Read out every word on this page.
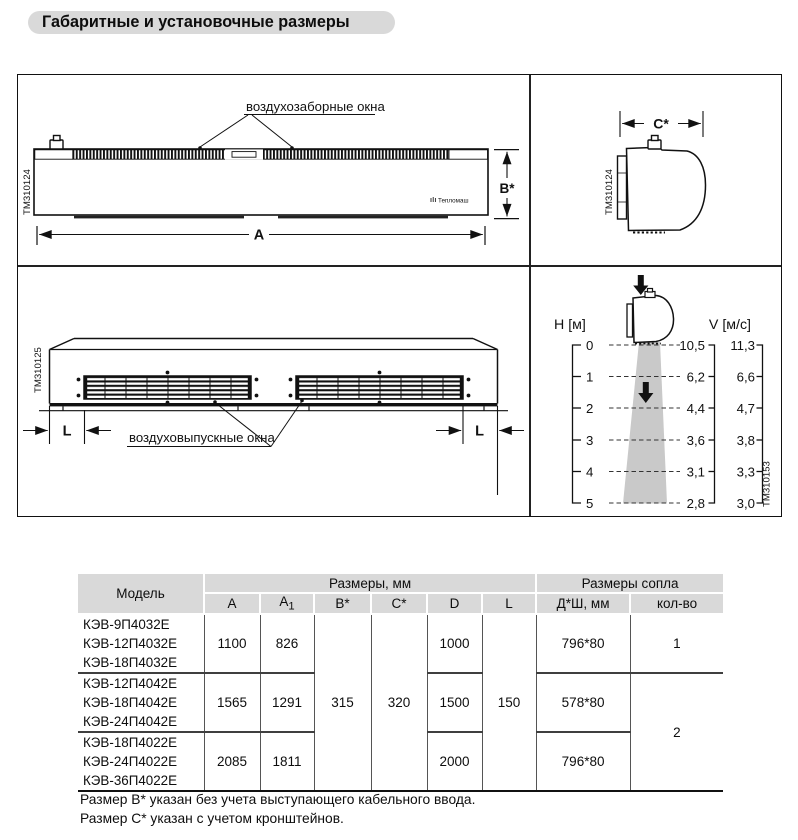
Габаритные и установочные размеры
воздухозаборные окна
Тепломаш
B*
A
ТМ310124
C*
ТМ310124
L	L
воздуховыпускные окна
ТМ310125
H [м]
0
1
2
3
4
5
10,5
6,2
4,4
3,6
3,1
2,8
V [м/с]
11,3
6,6
4,7
3,8
3,3
3,0 ТМ310153
Модель	Размеры, мм						Размеры сопла	
	A	$A_1$	B*	C*	D	L	Д*Ш, мм	кол-во

КЭВ-9П4032Е
КЭВ-12П4032Е
КЭВ-18П4032Е	1100	826	315	320	1000	150	796*80	1

КЭВ-12П4042Е
КЭВ-18П4042Е
КЭВ-24П4042Е	1565	1291			1500		578*80	2

КЭВ-18П4022Е
КЭВ-24П4022Е
КЭВ-36П4022Е	2085	1811			2000		796*80	
Размер В* указан без учета выступающего кабельного ввода.
Размер С* указан с учетом кронштейнов.
